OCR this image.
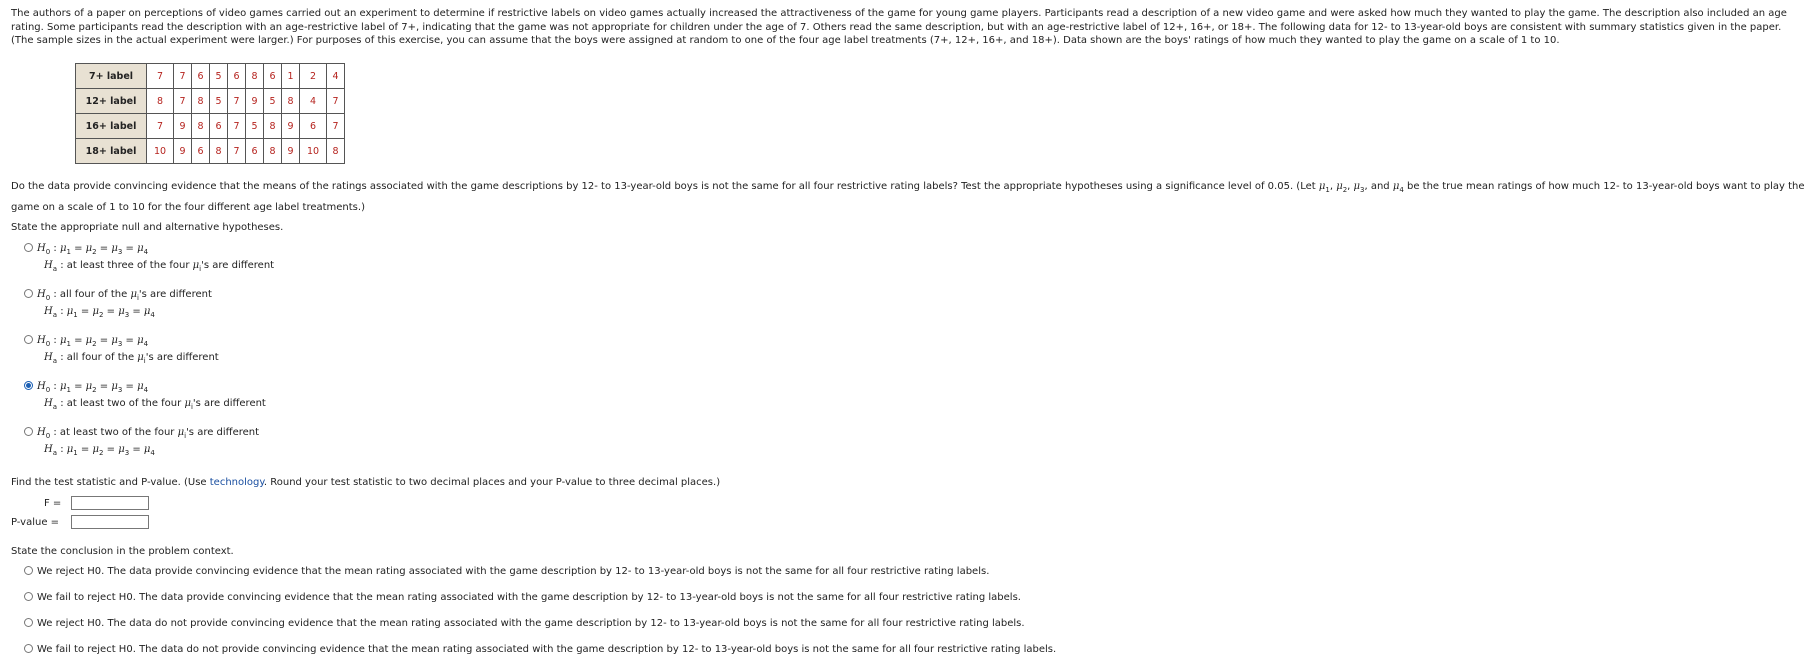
The authors of a paper on perceptions of video games carried out an experiment to determine if restrictive labels on video games actually increased the attractiveness of the game for young game players. Participants read a description of a new video game and were asked how much they wanted to play the game. The description also included an age rating. Some participants read the description with an age-restrictive label of 7+, indicating that the game was not appropriate for children under the age of 7. Others read the same description, but with an age-restrictive label of 12+, 16+, or 18+. The following data for 12- to 13-year-old boys are consistent with summary statistics given in the paper. (The sample sizes in the actual experiment were larger.) For purposes of this exercise, you can assume that the boys were assigned at random to one of the four age label treatments (7+, 12+, 16+, and 18+). Data shown are the boys' ratings of how much they wanted to play the game on a scale of 1 to 10.
7+ label	7	7	6	5	6	8	6	1	2	4
12+ label	8	7	8	5	7	9	5	8	4	7
16+ label	7	9	8	6	7	5	8	9	6	7
18+ label	10	9	6	8	7	6	8	9	10	8
Do the data provide convincing evidence that the means of the ratings associated with the game descriptions by 12- to 13-year-old boys is not the same for all four restrictive rating labels? Test the appropriate hypotheses using a significance level of 0.05. (Let $\mu_1$, $\mu_2$, $\mu_3$, and $\mu_4$ be the true mean ratings of how much 12- to 13-year-old boys want to play the game on a scale of 1 to 10 for the four different age label treatments.)
State the appropriate null and alternative hypotheses.
$H_0$ : $\mu_1 = \mu_2 = \mu_3 = \mu_4$
$H_a$ : at least three of the four $\mu_i's$ are different
$H_0$ : all four of the $\mu_i's$ are different
$H_a$ : $\mu_1 = \mu_2 = \mu_3 = \mu_4$
$H_0$ : $\mu_1 = \mu_2 = \mu_3 = \mu_4$
$H_a$ : all four of the $\mu_i's$ are different
$H_0$ : $\mu_1 = \mu_2 = \mu_3 = \mu_4$
$H_a$ : at least two of the four $\mu_i's$ are different
$H_0$ : at least two of the four $\mu_i's$ are different
$H_a$ : $\mu_1 = \mu_2 = \mu_3 = \mu_4$
Find the test statistic and P-value. (Use technology. Round your test statistic to two decimal places and your P-value to three decimal places.)
F =
P-value =
State the conclusion in the problem context.
We reject H0. The data provide convincing evidence that the mean rating associated with the game description by 12- to 13-year-old boys is not the same for all four restrictive rating labels.
We fail to reject H0. The data provide convincing evidence that the mean rating associated with the game description by 12- to 13-year-old boys is not the same for all four restrictive rating labels.
We reject H0. The data do not provide convincing evidence that the mean rating associated with the game description by 12- to 13-year-old boys is not the same for all four restrictive rating labels.
We fail to reject H0. The data do not provide convincing evidence that the mean rating associated with the game description by 12- to 13-year-old boys is not the same for all four restrictive rating labels.
